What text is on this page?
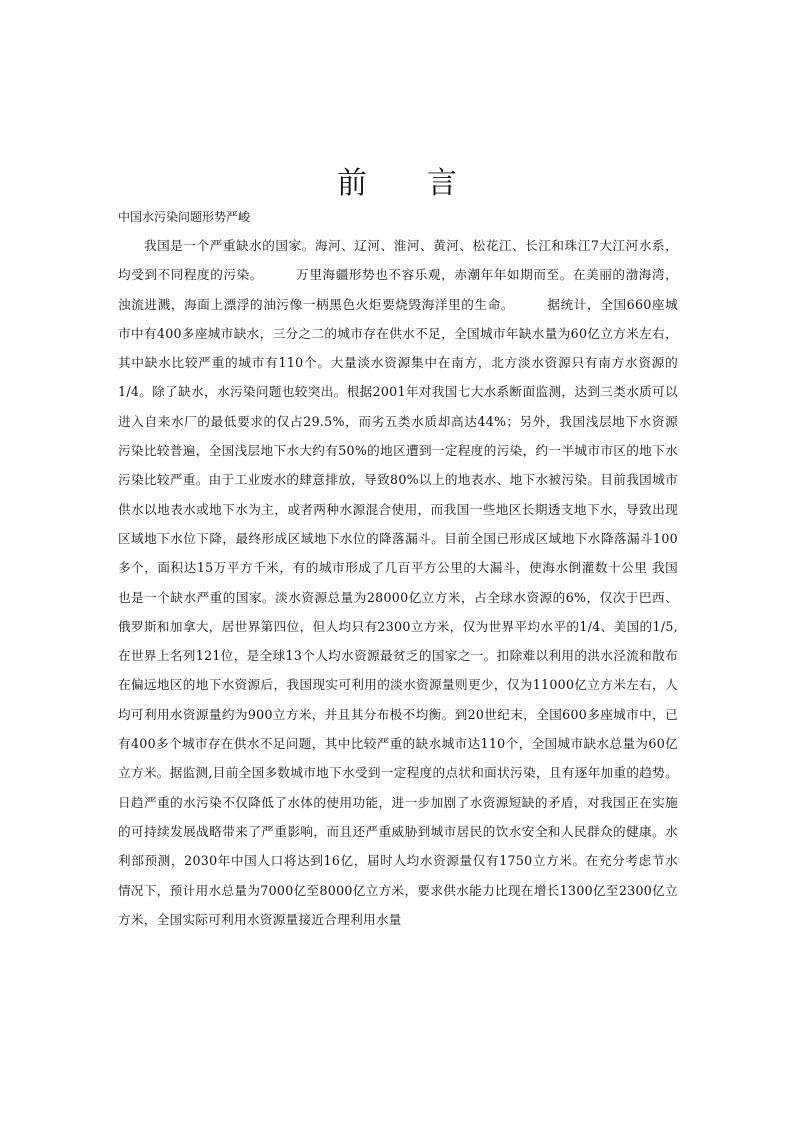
前言

中国水污染问题形势严峻

我国是一个严重缺水的国家。海河、辽河、淮河、黄河、松花江、长江和珠江7大江河水系，均受到不同程度的污染。　　　万里海疆形势也不容乐观，赤潮年年如期而至。在美丽的渤海湾，浊流进溅，海面上漂浮的油污像一柄黑色火炬要烧毁海洋里的生命。　　　据统计，全国660座城市中有400多座城市缺水，三分之二的城市存在供水不足，全国城市年缺水量为60亿立方米左右，其中缺水比较严重的城市有110个。大量淡水资源集中在南方，北方淡水资源只有南方水资源的1/4。除了缺水，水污染问题也较突出。根据2001年对我国七大水系断面监测，达到三类水质可以进入自来水厂的最低要求的仅占29.5%，而劣五类水质却高达44%；另外，我国浅层地下水资源污染比较普遍，全国浅层地下水大约有50%的地区遭到一定程度的污染，约一半城市市区的地下水污染比较严重。由于工业废水的肆意排放，导致80%以上的地表水、地下水被污染。目前我国城市供水以地表水或地下水为主，或者两种水源混合使用，而我国一些地区长期透支地下水，导致出现区域地下水位下降，最终形成区域地下水位的降落漏斗。目前全国已形成区域地下水降落漏斗100多个，面积达15万平方千米，有的城市形成了几百平方公里的大漏斗，使海水倒灌数十公里 我国也是一个缺水严重的国家。淡水资源总量为28000亿立方米，占全球水资源的6%，仅次于巴西、俄罗斯和加拿大，居世界第四位，但人均只有2300立方米，仅为世界平均水平的1/4、美国的1/5,在世界上名列121位，是全球13个人均水资源最贫乏的国家之一。扣除难以利用的洪水泾流和散布在偏远地区的地下水资源后，我国现实可利用的淡水资源量则更少，仅为11000亿立方米左右，人均可利用水资源量约为900立方米，并且其分布极不均衡。到20世纪末，全国600多座城市中，已有400多个城市存在供水不足问题，其中比较严重的缺水城市达110个，全国城市缺水总量为60亿立方米。据监测,目前全国多数城市地下水受到一定程度的点状和面状污染，且有逐年加重的趋势。日趋严重的水污染不仅降低了水体的使用功能，进一步加剧了水资源短缺的矛盾，对我国正在实施的可持续发展战略带来了严重影响，而且还严重威胁到城市居民的饮水安全和人民群众的健康。水利部预测，2030年中国人口将达到16亿，届时人均水资源量仅有1750立方米。在充分考虑节水情况下，预计用水总量为7000亿至8000亿立方米，要求供水能力比现在增长1300亿至2300亿立方米，全国实际可利用水资源量接近合理利用水量
